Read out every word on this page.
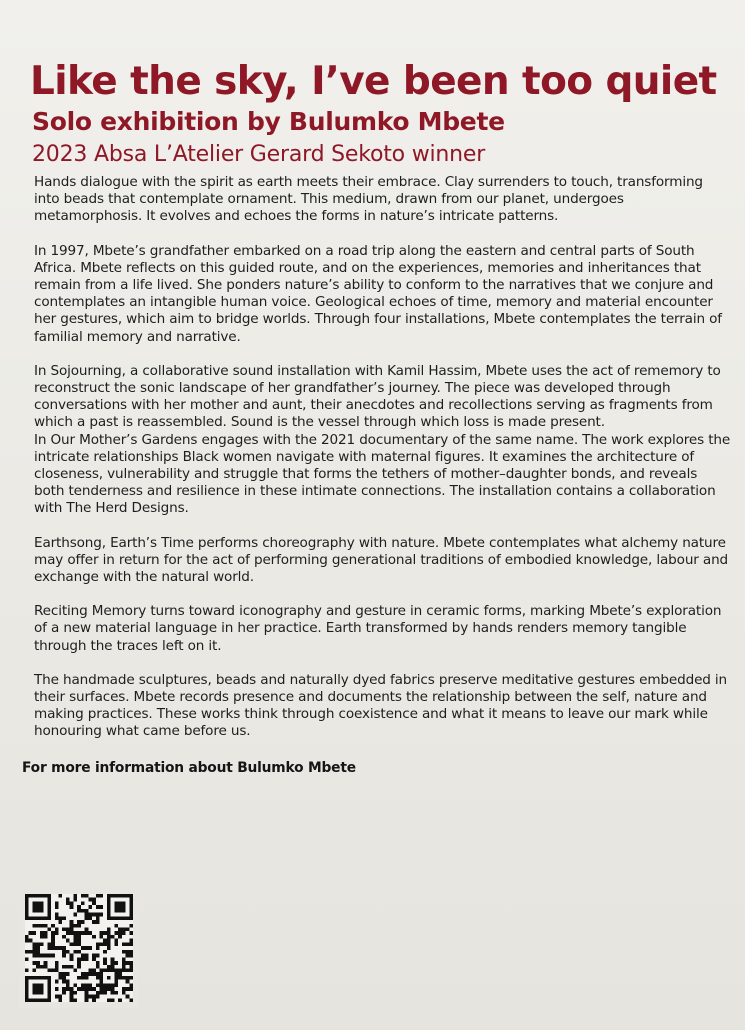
Like the sky, I’ve been too quiet
Solo exhibition by Bulumko Mbete
2023 Absa L’Atelier Gerard Sekoto winner

Hands dialogue with the spirit as earth meets their embrace. Clay surrenders to touch, transforming into beads that contemplate ornament. This medium, drawn from our planet, undergoes metamorphosis. It evolves and echoes the forms in nature’s intricate patterns.

In 1997, Mbete’s grandfather embarked on a road trip along the eastern and central parts of South Africa. Mbete reflects on this guided route, and on the experiences, memories and inheritances that remain from a life lived. She ponders nature’s ability to conform to the narratives that we conjure and contemplates an intangible human voice. Geological echoes of time, memory and material encounter her gestures, which aim to bridge worlds. Through four installations, Mbete contemplates the terrain of familial memory and narrative.

In Sojourning, a collaborative sound installation with Kamil Hassim, Mbete uses the act of rememory to reconstruct the sonic landscape of her grandfather’s journey. The piece was developed through conversations with her mother and aunt, their anecdotes and recollections serving as fragments from which a past is reassembled. Sound is the vessel through which loss is made present.

In Our Mother’s Gardens engages with the 2021 documentary of the same name. The work explores the intricate relationships Black women navigate with maternal figures. It examines the architecture of closeness, vulnerability and struggle that forms the tethers of mother–daughter bonds, and reveals both tenderness and resilience in these intimate connections. The installation contains a collaboration with The Herd Designs.

Earthsong, Earth’s Time performs choreography with nature. Mbete contemplates what alchemy nature may offer in return for the act of performing generational traditions of embodied knowledge, labour and exchange with the natural world.

Reciting Memory turns toward iconography and gesture in ceramic forms, marking Mbete’s exploration of a new material language in her practice. Earth transformed by hands renders memory tangible through the traces left on it.

The handmade sculptures, beads and naturally dyed fabrics preserve meditative gestures embedded in their surfaces. Mbete records presence and documents the relationship between the self, nature and making practices. These works think through coexistence and what it means to leave our mark while honouring what came before us.

For more information about Bulumko Mbete
